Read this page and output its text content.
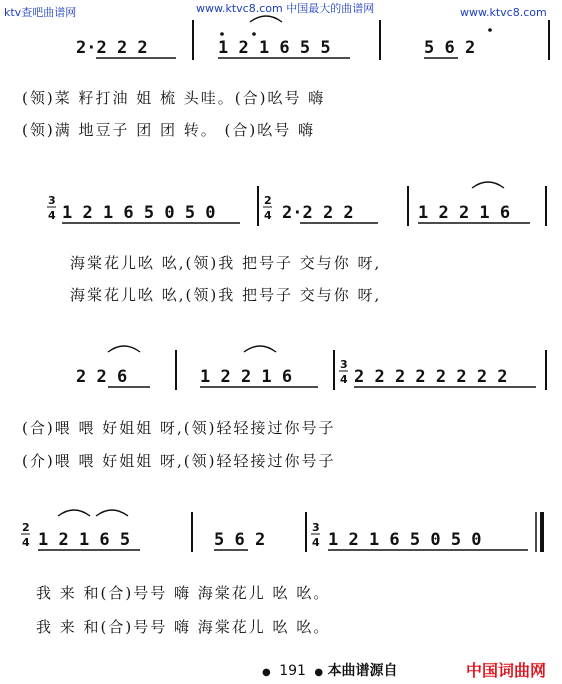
ktv查吧曲谱网	www.ktvc8.com 中国最大的曲谱网	www.ktvc8.com
2·2 2 2	1 2 1 6 5 5	5 6 2
(领)菜 籽打油 姐 梳 头哇。(合)吆号 嗨
(领)满 地豆子 团 团 转。 (合)吆号 嗨
3
4 1 2 1 6 5 0 5 0
2
4 2·2 2 2	1 2 2 1 6
海棠花儿吆 吆,(领)我 把号子 交与你 呀,
海棠花儿吆 吆,(领)我 把号子 交与你 呀,
2 2 6	1 2 2 1 6
3
4 2 2 2 2 2 2 2 2
(合)喂 喂 好姐姐 呀,(领)轻轻接过你号子
(介)喂 喂 好姐姐 呀,(领)轻轻接过你号子
2
4 1 2 1 6 5	5 6 2
3
4 1 2 1 6 5 0 5 0
我 来 和(合)号号 嗨 海棠花儿 吆 吆。
我 来 和(合)号号 嗨 海棠花儿 吆 吆。
● 191 ● 本曲谱源自	中国词曲网
